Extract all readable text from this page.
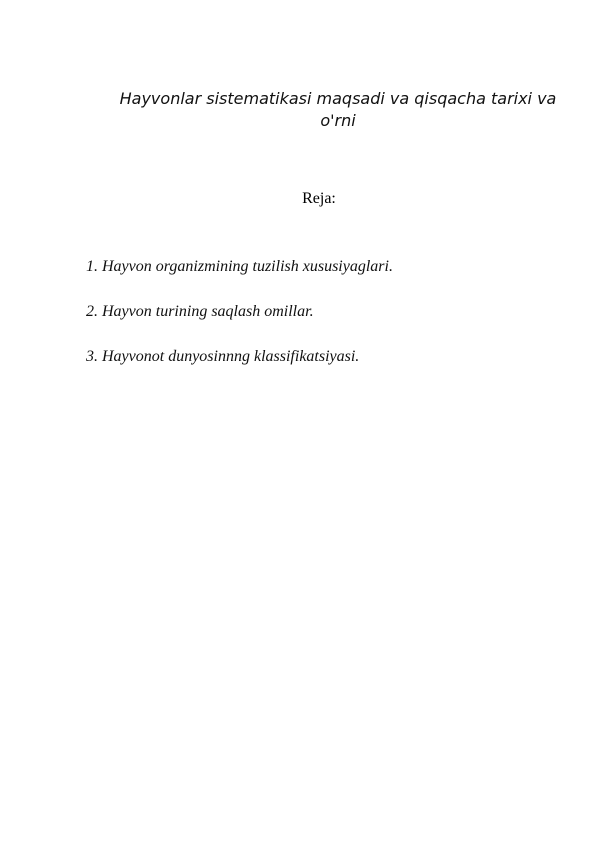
Hayvonlar sistematikasi maqsadi va qisqacha tarixi va
o'rni
Reja:
1. Hayvon organizmining tuzilish xususiyaglari.
2. Hayvon turining saqlash omillar.
3. Hayvonot dunyosinnng klassifikatsiyasi.
